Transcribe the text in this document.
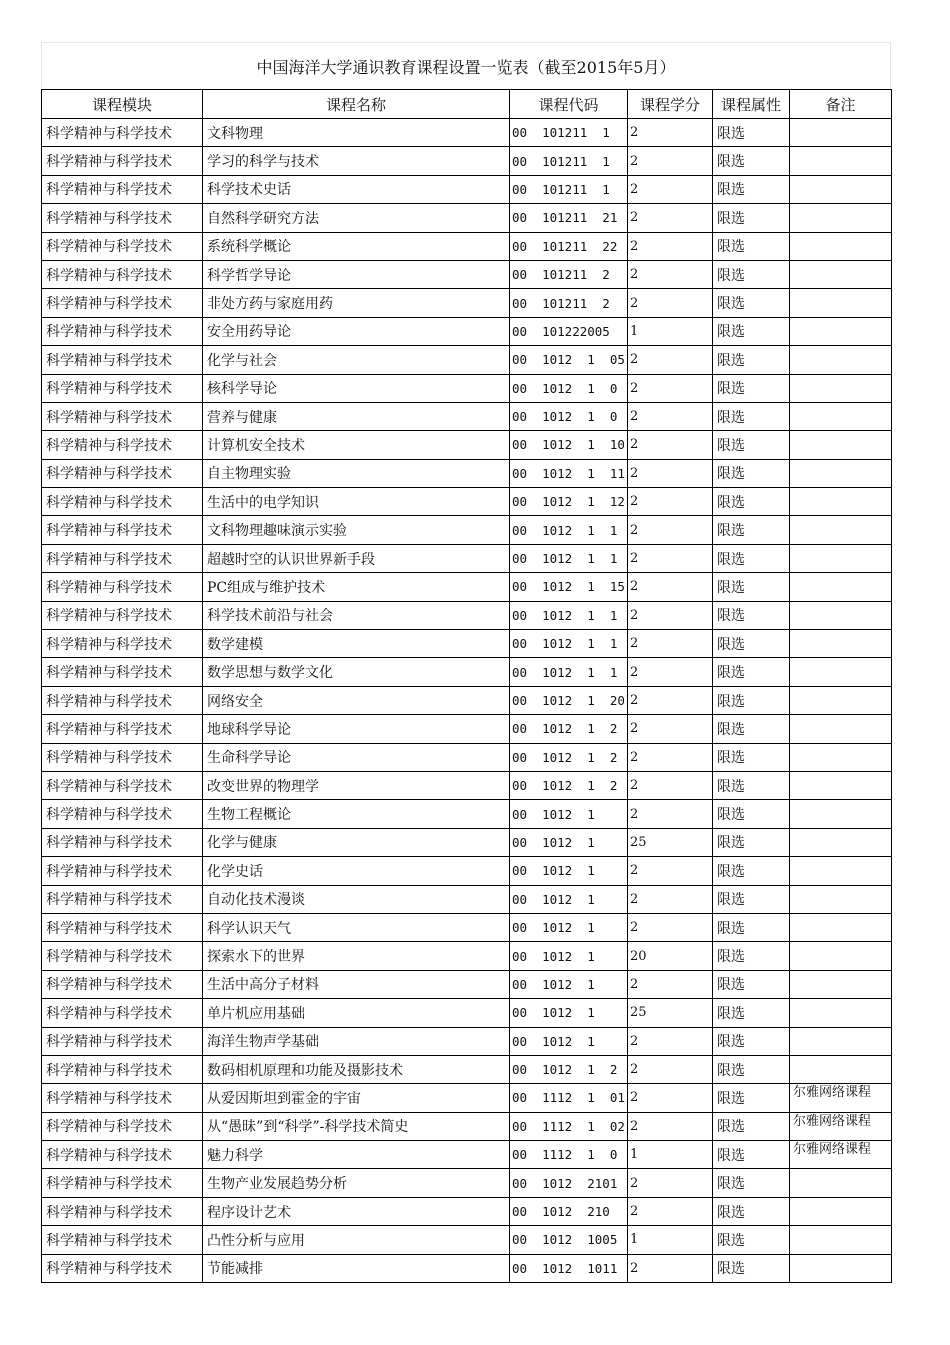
中国海洋大学通识教育课程设置一览表（截至2015年5月）
课程模块	课程名称	课程代码	课程学分	课程属性	备注
科学精神与科学技术	文科物理	00  101211  1	2	限选	
科学精神与科学技术	学习的科学与技术	00  101211  1	2	限选	
科学精神与科学技术	科学技术史话	00  101211  1	2	限选	
科学精神与科学技术	自然科学研究方法	00  101211  21	2	限选	
科学精神与科学技术	系统科学概论	00  101211  22	2	限选	
科学精神与科学技术	科学哲学导论	00  101211  2	2	限选	
科学精神与科学技术	非处方药与家庭用药	00  101211  2	2	限选	
科学精神与科学技术	安全用药导论	00  101222005	1	限选	
科学精神与科学技术	化学与社会	00  1012  1  05	2	限选	
科学精神与科学技术	核科学导论	00  1012  1  0	2	限选	
科学精神与科学技术	营养与健康	00  1012  1  0	2	限选	
科学精神与科学技术	计算机安全技术	00  1012  1  10	2	限选	
科学精神与科学技术	自主物理实验	00  1012  1  11	2	限选	
科学精神与科学技术	生活中的电学知识	00  1012  1  12	2	限选	
科学精神与科学技术	文科物理趣味演示实验	00  1012  1  1	2	限选	
科学精神与科学技术	超越时空的认识世界新手段	00  1012  1  1	2	限选	
科学精神与科学技术	PC组成与维护技术	00  1012  1  15	2	限选	
科学精神与科学技术	科学技术前沿与社会	00  1012  1  1	2	限选	
科学精神与科学技术	数学建模	00  1012  1  1	2	限选	
科学精神与科学技术	数学思想与数学文化	00  1012  1  1	2	限选	
科学精神与科学技术	网络安全	00  1012  1  20	2	限选	
科学精神与科学技术	地球科学导论	00  1012  1  2	2	限选	
科学精神与科学技术	生命科学导论	00  1012  1  2	2	限选	
科学精神与科学技术	改变世界的物理学	00  1012  1  2	2	限选	
科学精神与科学技术	生物工程概论	00  1012  1	2	限选	
科学精神与科学技术	化学与健康	00  1012  1	25	限选	
科学精神与科学技术	化学史话	00  1012  1	2	限选	
科学精神与科学技术	自动化技术漫谈	00  1012  1	2	限选	
科学精神与科学技术	科学认识天气	00  1012  1	2	限选	
科学精神与科学技术	探索水下的世界	00  1012  1	20	限选	
科学精神与科学技术	生活中高分子材料	00  1012  1	2	限选	
科学精神与科学技术	单片机应用基础	00  1012  1	25	限选	
科学精神与科学技术	海洋生物声学基础	00  1012  1	2	限选	
科学精神与科学技术	数码相机原理和功能及摄影技术	00  1012  1  2	2	限选	
科学精神与科学技术	从爱因斯坦到霍金的宇宙	00  1112  1  01	2	限选	尔雅网络课程
科学精神与科学技术	从“愚昧”到“科学”-科学技术简史	00  1112  1  02	2	限选	尔雅网络课程
科学精神与科学技术	魅力科学	00  1112  1  0	1	限选	尔雅网络课程
科学精神与科学技术	生物产业发展趋势分析	00  1012  2101	2	限选	
科学精神与科学技术	程序设计艺术	00  1012  210	2	限选	
科学精神与科学技术	凸性分析与应用	00  1012  1005	1	限选	
科学精神与科学技术	节能减排	00  1012  1011	2	限选	
